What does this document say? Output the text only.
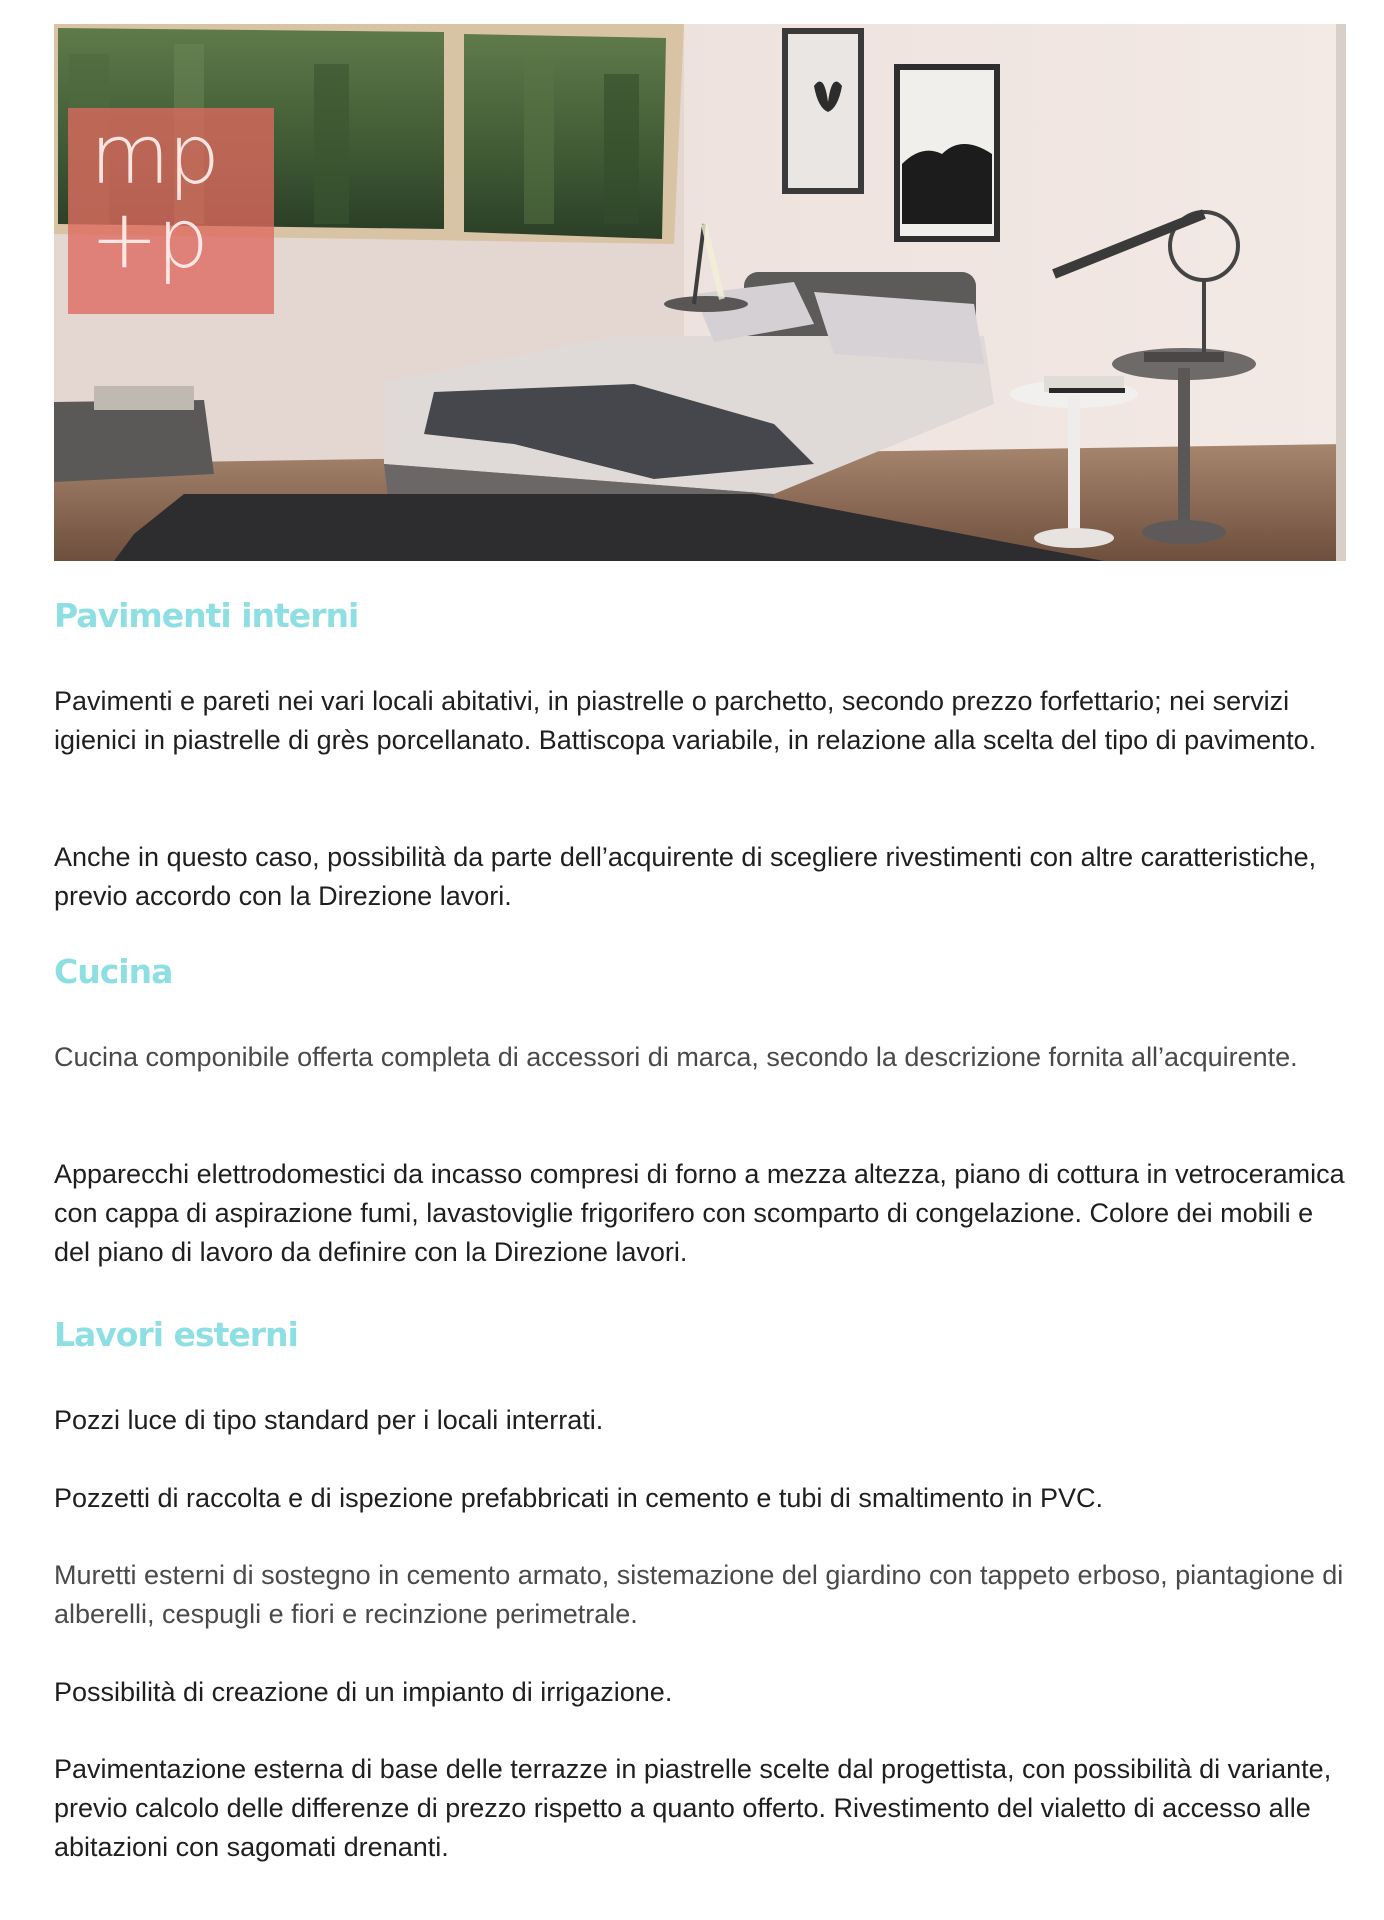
mp
+p
Pavimenti interni

Pavimenti e pareti nei vari locali abitativi, in piastrelle o parchetto, secondo prezzo forfettario; nei servizi igienici in piastrelle di grès porcellanato. Battiscopa variabile, in relazione alla scelta del tipo di pavimento.

Anche in questo caso, possibilità da parte dell’acquirente di scegliere rivestimenti con altre caratteristiche, previo accordo con la Direzione lavori.

Cucina

Cucina componibile offerta completa di accessori di marca, secondo la descrizione fornita all’acquirente.

Apparecchi elettrodomestici da incasso compresi di forno a mezza altezza, piano di cottura in vetroceramica con cappa di aspirazione fumi, lavastoviglie frigorifero con scomparto di congelazione. Colore dei mobili e del piano di lavoro da definire con la Direzione lavori.

Lavori esterni

Pozzi luce di tipo standard per i locali interrati.

Pozzetti di raccolta e di ispezione prefabbricati in cemento e tubi di smaltimento in PVC.

Muretti esterni di sostegno in cemento armato, sistemazione del giardino con tappeto erboso, piantagione di alberelli, cespugli e fiori e recinzione perimetrale.

Possibilità di creazione di un impianto di irrigazione.

Pavimentazione esterna di base delle terrazze in piastrelle scelte dal progettista, con possibilità di variante, previo calcolo delle differenze di prezzo rispetto a quanto offerto. Rivestimento del vialetto di accesso alle abitazioni con sagomati drenanti.
